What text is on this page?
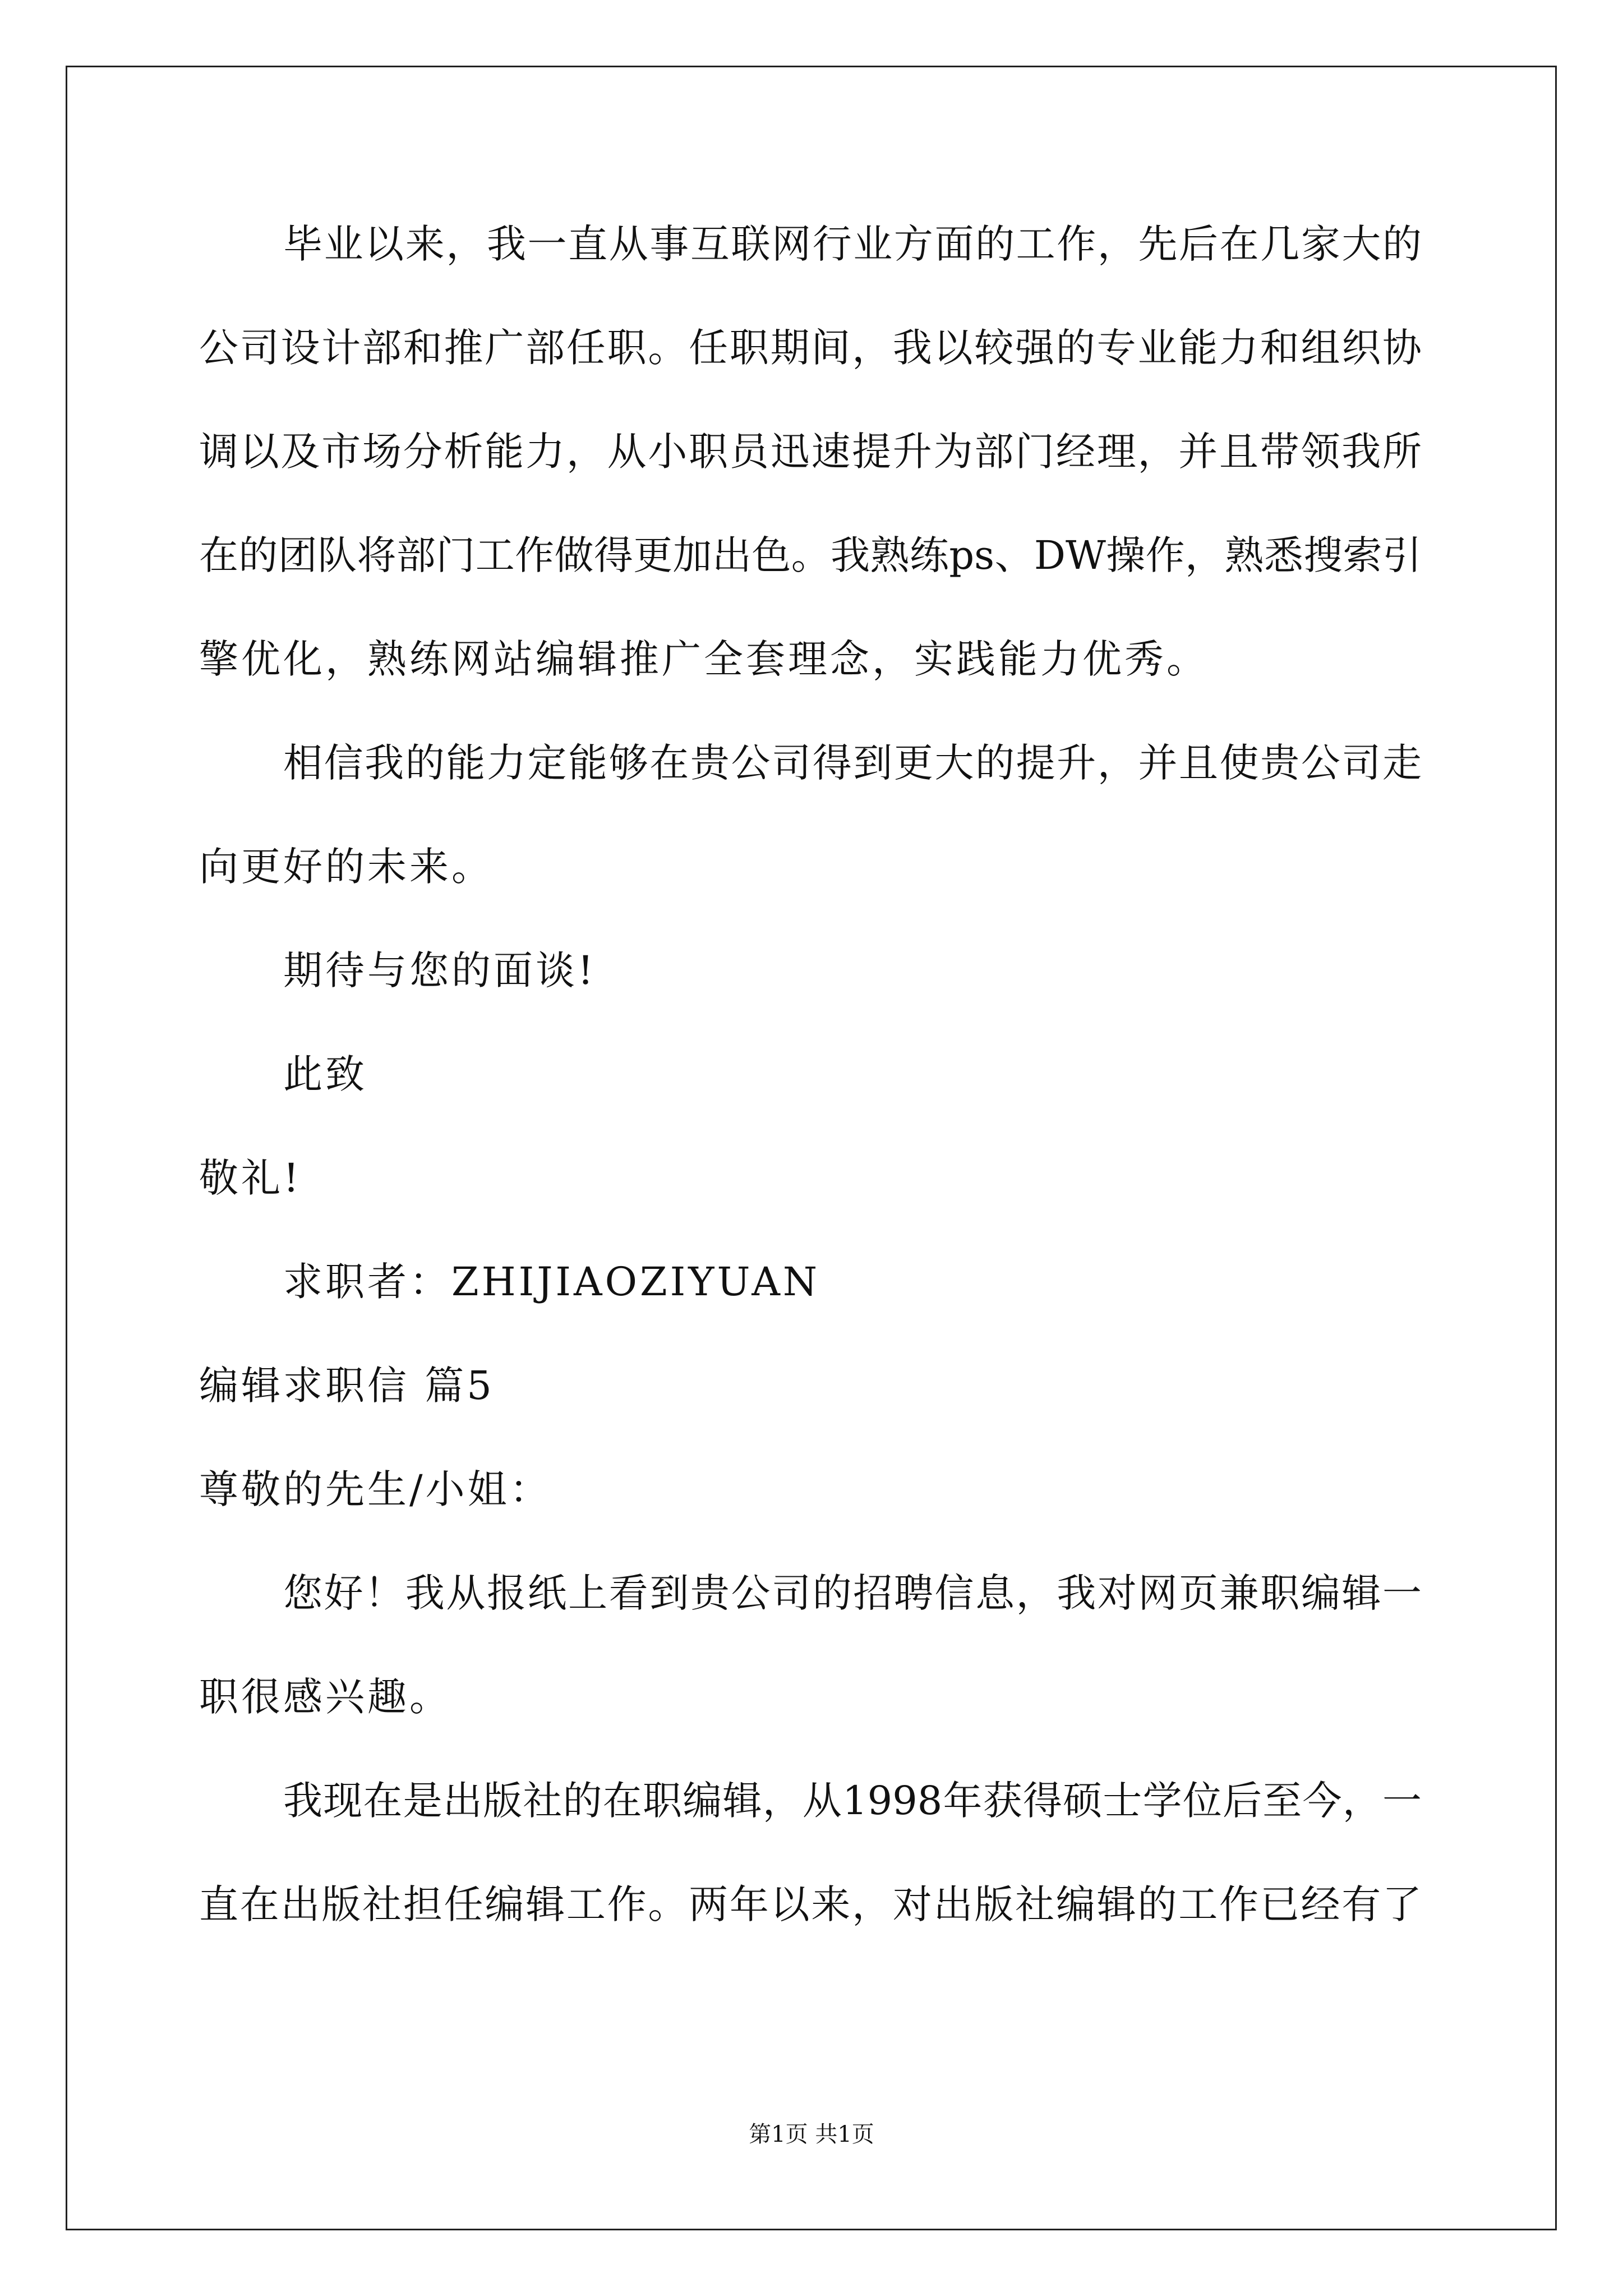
毕业以来，我一直从事互联网行业方面的工作，先后在几家大的
公司设计部和推广部任职。任职期间，我以较强的专业能力和组织协
调以及市场分析能力，从小职员迅速提升为部门经理，并且带领我所
在的团队将部门工作做得更加出色。我熟练ps、DW操作，熟悉搜索引
擎优化，熟练网站编辑推广全套理念，实践能力优秀。
相信我的能力定能够在贵公司得到更大的提升，并且使贵公司走
向更好的未来。
期待与您的面谈!
此致
敬礼!
求职者：ZHIJIAOZIYUAN
编辑求职信 篇5
尊敬的先生/小姐：
您好！我从报纸上看到贵公司的招聘信息，我对网页兼职编辑一
职很感兴趣。
我现在是出版社的在职编辑，从1998年获得硕士学位后至今，一
直在出版社担任编辑工作。两年以来，对出版社编辑的工作已经有了
第1页 共1页
